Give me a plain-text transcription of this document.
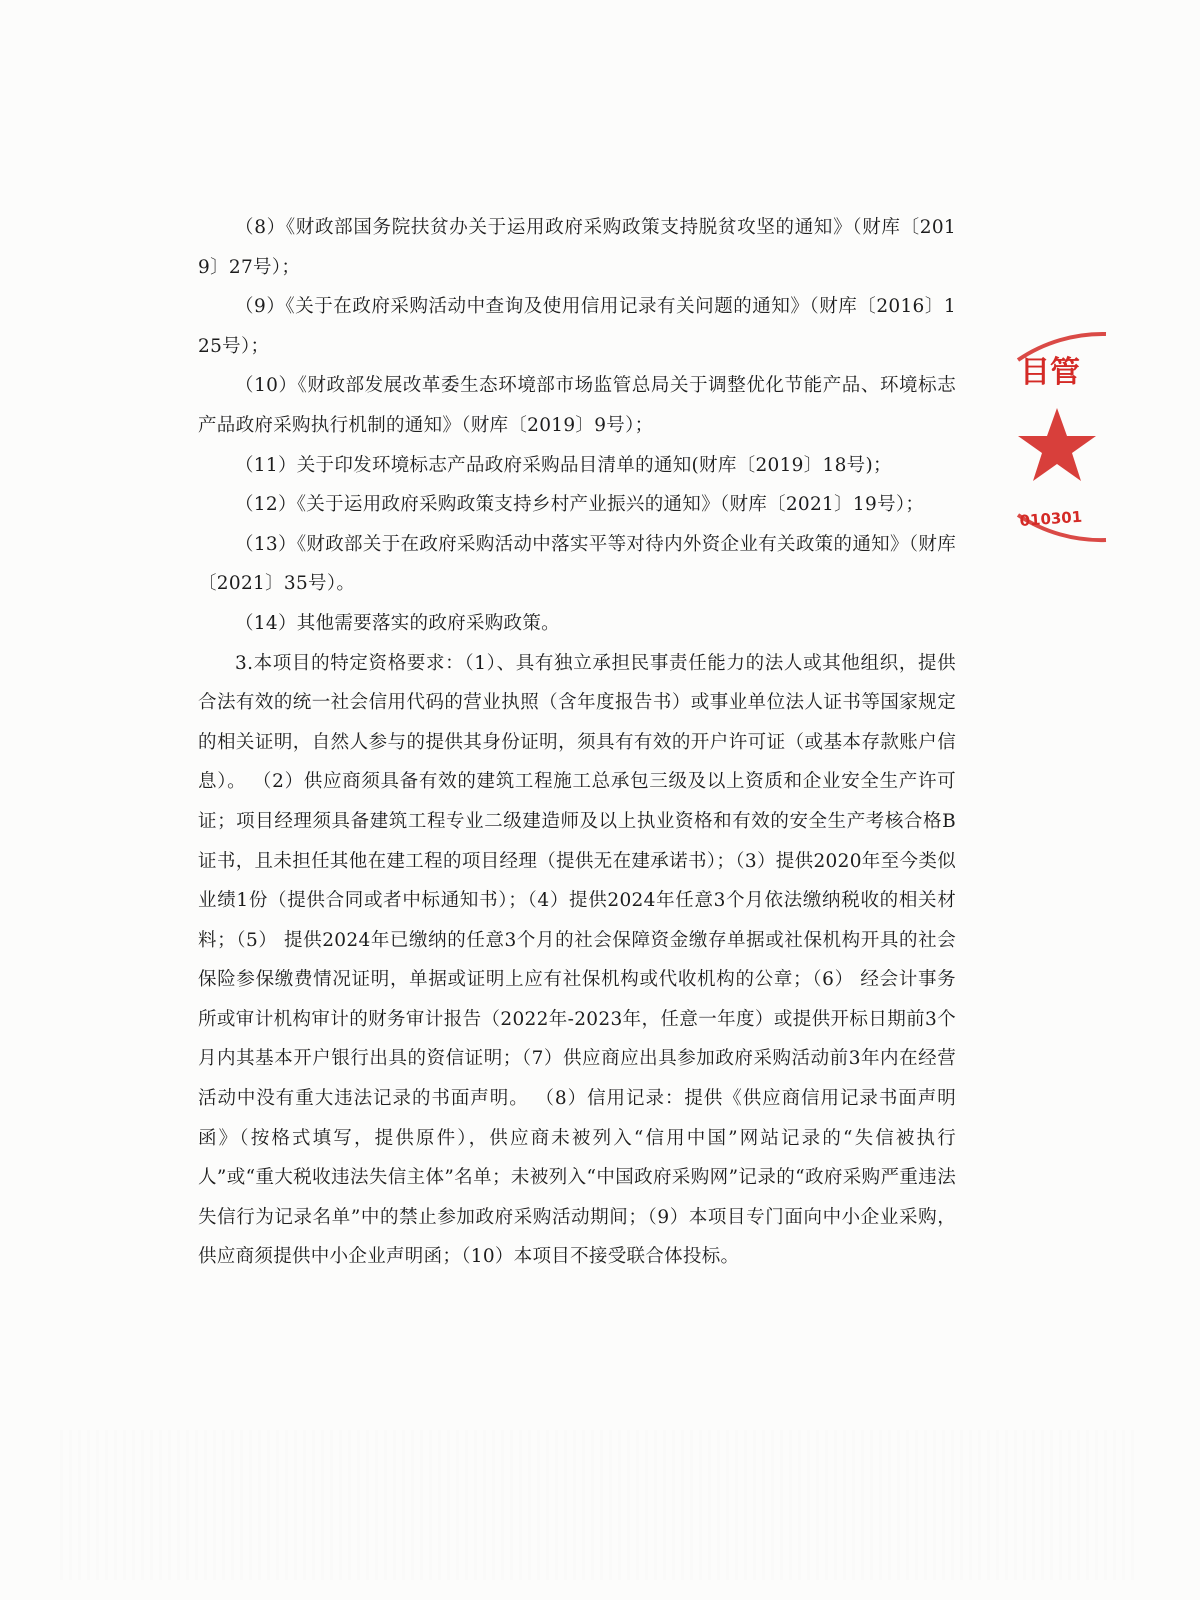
（8）《财政部国务院扶贫办关于运用政府采购政策支持脱贫攻坚的通知》（财库〔2019〕27号）；

（9）《关于在政府采购活动中查询及使用信用记录有关问题的通知》（财库〔2016〕125号）；

（10）《财政部发展改革委生态环境部市场监管总局关于调整优化节能产品、环境标志产品政府采购执行机制的通知》（财库〔2019〕9号）；

（11）关于印发环境标志产品政府采购品目清单的通知(财库〔2019〕18号)；

（12）《关于运用政府采购政策支持乡村产业振兴的通知》（财库〔2021〕19号）；

（13）《财政部关于在政府采购活动中落实平等对待内外资企业有关政策的通知》（财库〔2021〕35号）。

（14）其他需要落实的政府采购政策。

3.本项目的特定资格要求：（1）、具有独立承担民事责任能力的法人或其他组织，提供合法有效的统一社会信用代码的营业执照（含年度报告书）或事业单位法人证书等国家规定的相关证明，自然人参与的提供其身份证明，须具有有效的开户许可证（或基本存款账户信息）。 （2）供应商须具备有效的建筑工程施工总承包三级及以上资质和企业安全生产许可证；项目经理须具备建筑工程专业二级建造师及以上执业资格和有效的安全生产考核合格B证书，且未担任其他在建工程的项目经理（提供无在建承诺书）；（3）提供2020年至今类似业绩1份（提供合同或者中标通知书）；（4）提供2024年任意3个月依法缴纳税收的相关材料；（5） 提供2024年已缴纳的任意3个月的社会保障资金缴存单据或社保机构开具的社会保险参保缴费情况证明，单据或证明上应有社保机构或代收机构的公章；（6） 经会计事务所或审计机构审计的财务审计报告（2022年-2023年，任意一年度）或提供开标日期前3个月内其基本开户银行出具的资信证明；（7）供应商应出具参加政府采购活动前3年内在经营活动中没有重大违法记录的书面声明。 （8）信用记录：提供《供应商信用记录书面声明函》（按格式填写，提供原件），供应商未被列入“信用中国”网站记录的“失信被执行人”或“重大税收违法失信主体”名单；未被列入“中国政府采购网”记录的“政府采购严重违法失信行为记录名单”中的禁止参加政府采购活动期间；（9）本项目专门面向中小企业采购，供应商须提供中小企业声明函；（10）本项目不接受联合体投标。

目管
010301
